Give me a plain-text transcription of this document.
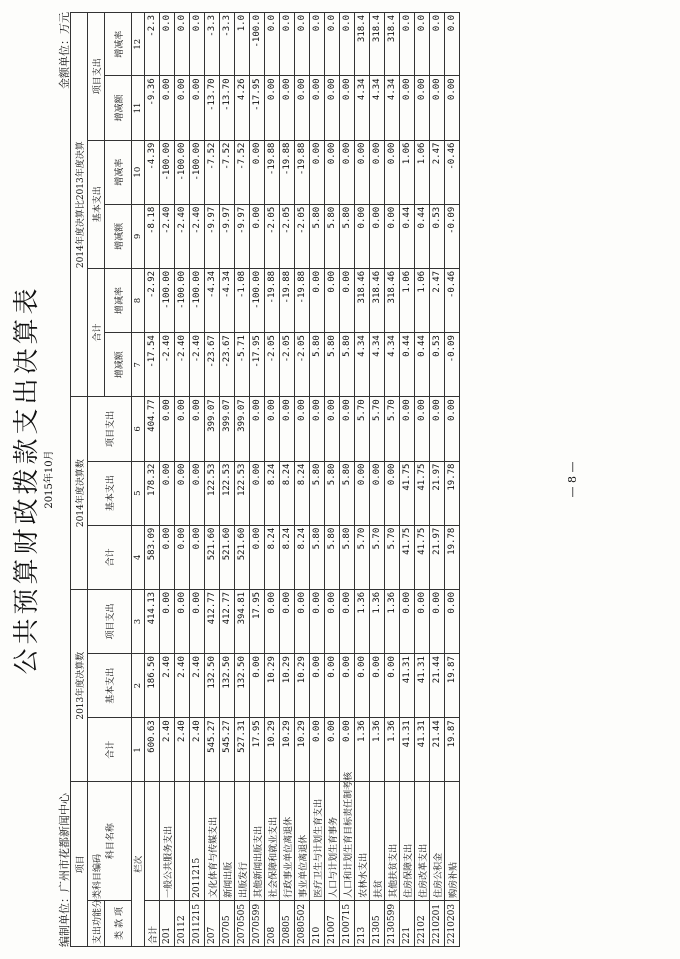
公共预算财政拨款支出决算表 2015年10月
编制单位：广州市花都新闻中心
金额单位：万元
项目		2013年度决算数			2014年度决算数			2014年度决算比2013年度决算					
支出功能分类科目编码	科目名称	合计	基本支出	项目支出	合计	基本支出	项目支出	合计		基本支出		项目支出	
类 款 项								增减额	增减率	增减额	增减率	增减额	增减率
栏次		1	2	3	4	5	6	7	8	9	10	11	12
合计		600.63	186.50	414.13	583.09	178.32	404.77	-17.54	-2.92	-8.18	-4.39	-9.36	-2.3
201	一般公共服务支出	2.40	2.40	0.00	0.00	0.00	0.00	-2.40	-100.00	-2.40	-100.00	0.00	0.0
20112		2.40	2.40	0.00	0.00	0.00	0.00	-2.40	-100.00	-2.40	-100.00	0.00	0.0
2011215	2011215	2.40	2.40	0.00	0.00	0.00	0.00	-2.40	-100.00	-2.40	-100.00	0.00	0.0
207	文化体育与传媒支出	545.27	132.50	412.77	521.60	122.53	399.07	-23.67	-4.34	-9.97	-7.52	-13.70	-3.3
20705	新闻出版	545.27	132.50	412.77	521.60	122.53	399.07	-23.67	-4.34	-9.97	-7.52	-13.70	-3.3
2070505	出版发行	527.31	132.50	394.81	521.60	122.53	399.07	-5.71	-1.08	-9.97	-7.52	4.26	1.0
2070599	其他新闻出版支出	17.95	0.00	17.95	0.00	0.00	0.00	-17.95	-100.00	0.00	0.00	-17.95	-100.0
208	社会保障和就业支出	10.29	10.29	0.00	8.24	8.24	0.00	-2.05	-19.88	-2.05	-19.88	0.00	0.0
20805	行政事业单位离退休	10.29	10.29	0.00	8.24	8.24	0.00	-2.05	-19.88	-2.05	-19.88	0.00	0.0
2080502	事业单位离退休	10.29	10.29	0.00	8.24	8.24	0.00	-2.05	-19.88	-2.05	-19.88	0.00	0.0
210	医疗卫生与计划生育支出	0.00	0.00	0.00	5.80	5.80	0.00	5.80	0.00	5.80	0.00	0.00	0.0
21007	人口与计划生育事务	0.00	0.00	0.00	5.80	5.80	0.00	5.80	0.00	5.80	0.00	0.00	0.0
2100715	人口和计划生育目标责任制考核	0.00	0.00	0.00	5.80	5.80	0.00	5.80	0.00	5.80	0.00	0.00	0.0
213	农林水支出	1.36	0.00	1.36	5.70	0.00	5.70	4.34	318.46	0.00	0.00	4.34	318.4
21305	扶贫	1.36	0.00	1.36	5.70	0.00	5.70	4.34	318.46	0.00	0.00	4.34	318.4
2130599	其他扶贫支出	1.36	0.00	1.36	5.70	0.00	5.70	4.34	318.46	0.00	0.00	4.34	318.4
221	住房保障支出	41.31	41.31	0.00	41.75	41.75	0.00	0.44	1.06	0.44	1.06	0.00	0.0
22102	住房改革支出	41.31	41.31	0.00	41.75	41.75	0.00	0.44	1.06	0.44	1.06	0.00	0.0
2210201	住房公积金	21.44	21.44	0.00	21.97	21.97	0.00	0.53	2.47	0.53	2.47	0.00	0.0
2210203	购房补贴	19.87	19.87	0.00	19.78	19.78	0.00	-0.09	-0.46	-0.09	-0.46	0.00	0.0
— 8 —
